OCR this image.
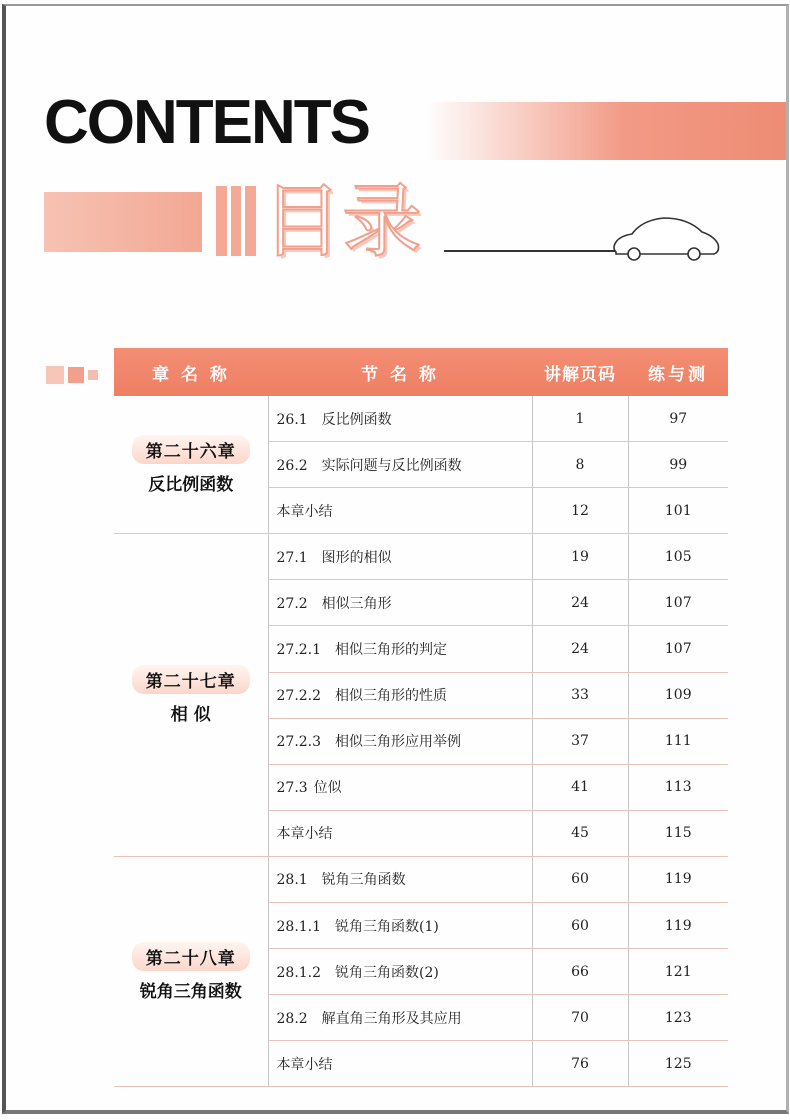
CONTENTS
目录
章 名 称	节 名 称	讲解页码	练与测
第二十六章
反比例函数	26.1 反比例函数	1	97
	26.2 实际问题与反比例函数	8	99
	本章小结	12	101
第二十七章
相 似	27.1 图形的相似	19	105
	27.2 相似三角形	24	107
	27.2.1 相似三角形的判定	24	107
	27.2.2 相似三角形的性质	33	109
	27.2.3 相似三角形应用举例	37	111
	27.3 位似	41	113
	本章小结	45	115
第二十八章
锐角三角函数	28.1 锐角三角函数	60	119
	28.1.1 锐角三角函数(1)	60	119
	28.1.2 锐角三角函数(2)	66	121
	28.2 解直角三角形及其应用	70	123
	本章小结	76	125
